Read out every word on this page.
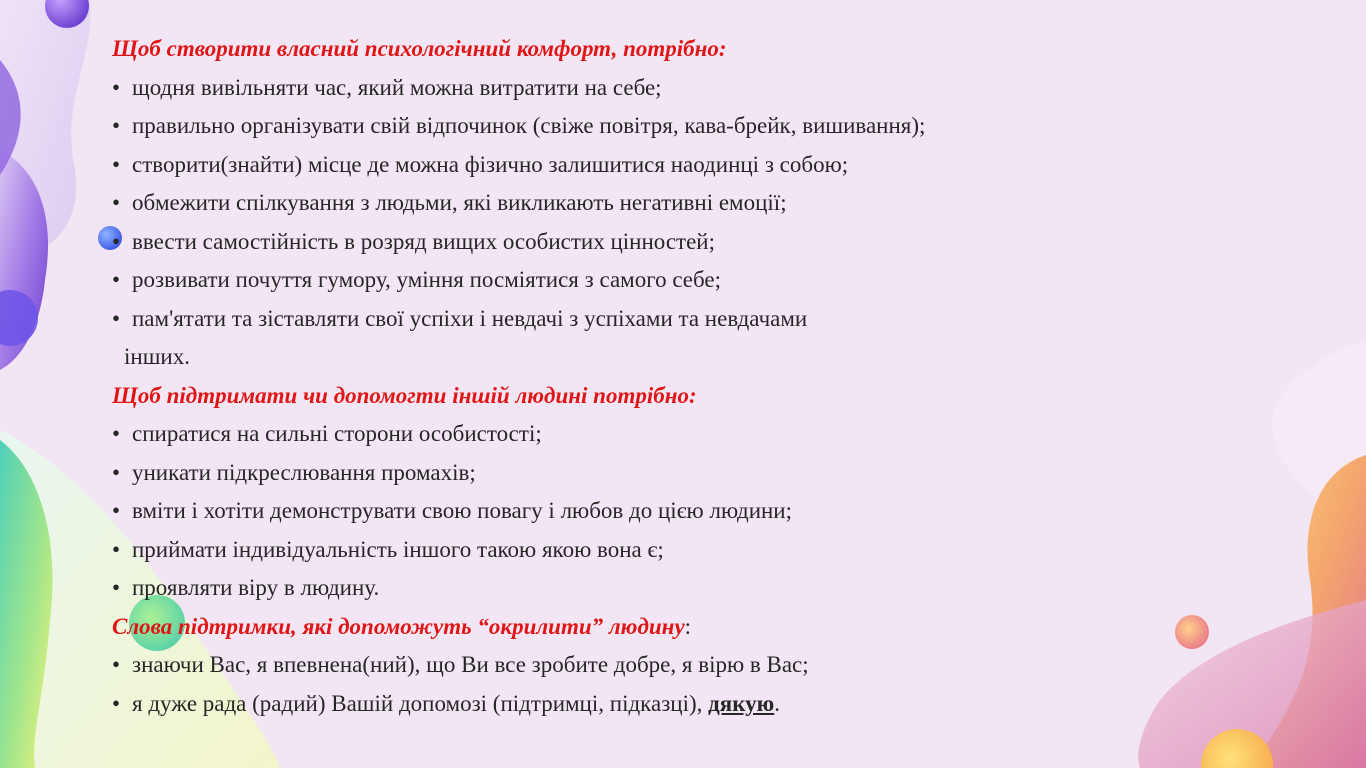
Щоб створити власний психологічний комфорт, потрібно:
• щодня вивільняти час, який можна витратити на себе;
• правильно організувати свій відпочинок (свіже повітря, кава-брейк, вишивання);
• створити(знайти) місце де можна фізично залишитися наодинці з собою;
• обмежити спілкування з людьми, які викликають негативні емоції;
• ввести самостійність в розряд вищих особистих цінностей;
• розвивати почуття гумору, уміння посміятися з самого себе;
• пам'ятати та зіставляти свої успіхи і невдачі з успіхами та невдачами
інших.
Щоб підтримати чи допомогти іншій людині потрібно:
• спиратися на сильні сторони особистості;
• уникати підкреслювання промахів;
• вміти і хотіти демонструвати свою повагу і любов до цією людини;
• приймати індивідуальність іншого такою якою вона є;
• проявляти віру в людину.
Слова підтримки, які допоможуть “окрилити” людину:
• знаючи Вас, я впевнена(ний), що Ви все зробите добре, я вірю в Вас;
• я дуже рада (радий) Вашій допомозі (підтримці, підказці), дякую.
